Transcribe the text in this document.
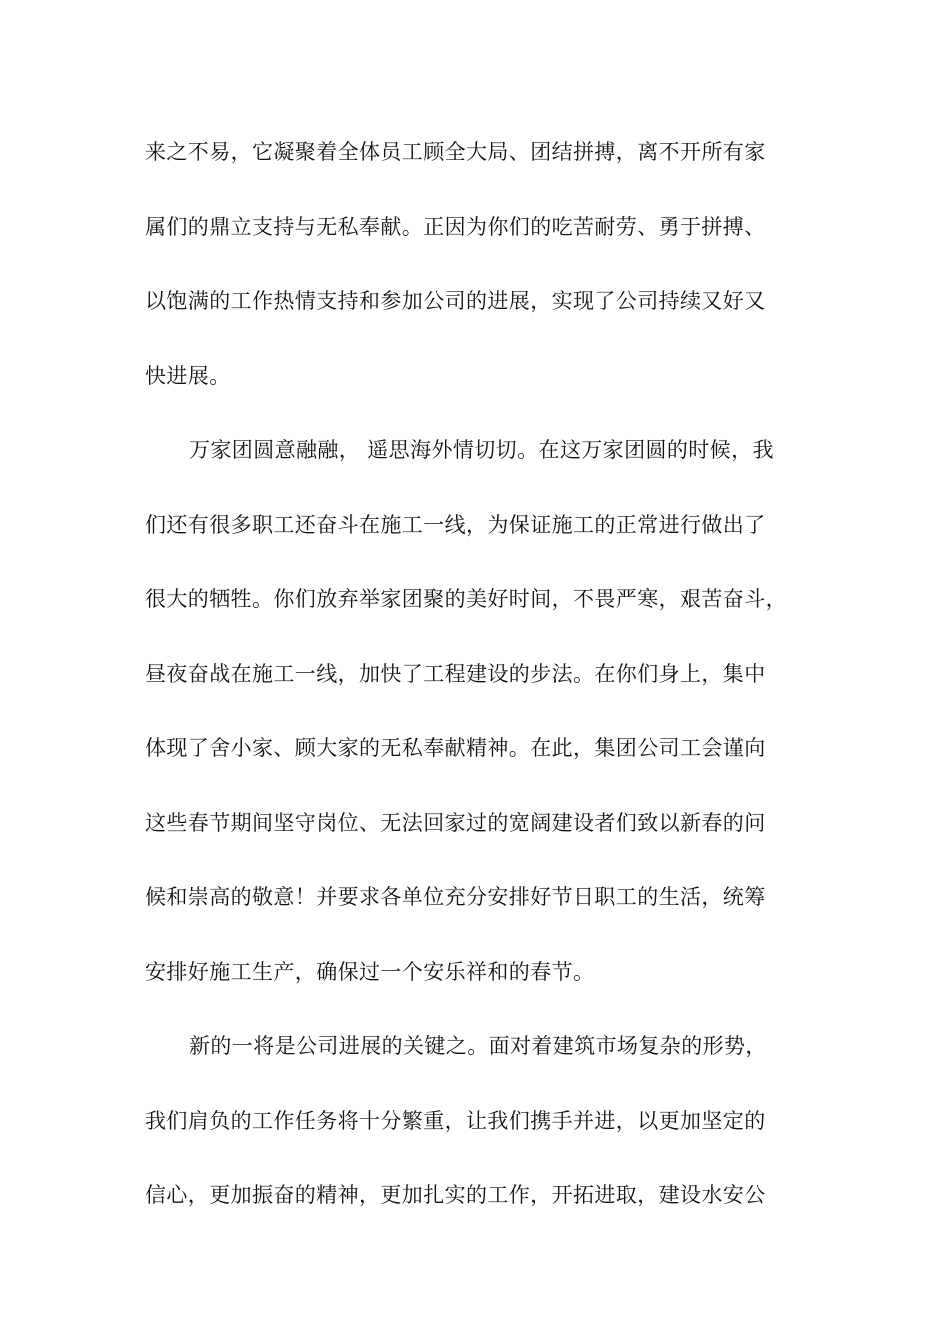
来之不易，它凝聚着全体员工顾全大局、团结拼搏，离不开所有家

属们的鼎立支持与无私奉献。正因为你们的吃苦耐劳、勇于拼搏、

以饱满的工作热情支持和参加公司的进展，实现了公司持续又好又

快进展。

万家团圆意融融， 遥思海外情切切。在这万家团圆的时候，我

们还有很多职工还奋斗在施工一线，为保证施工的正常进行做出了

很大的牺牲。你们放弃举家团聚的美好时间，不畏严寒，艰苦奋斗，

昼夜奋战在施工一线，加快了工程建设的步法。在你们身上，集中

体现了舍小家、顾大家的无私奉献精神。在此，集团公司工会谨向

这些春节期间坚守岗位、无法回家过的宽阔建设者们致以新春的问

候和崇高的敬意！并要求各单位充分安排好节日职工的生活，统筹

安排好施工生产，确保过一个安乐祥和的春节。

新的一将是公司进展的关键之。面对着建筑市场复杂的形势，

我们肩负的工作任务将十分繁重，让我们携手并进，以更加坚定的

信心，更加振奋的精神，更加扎实的工作，开拓进取，建设水安公
